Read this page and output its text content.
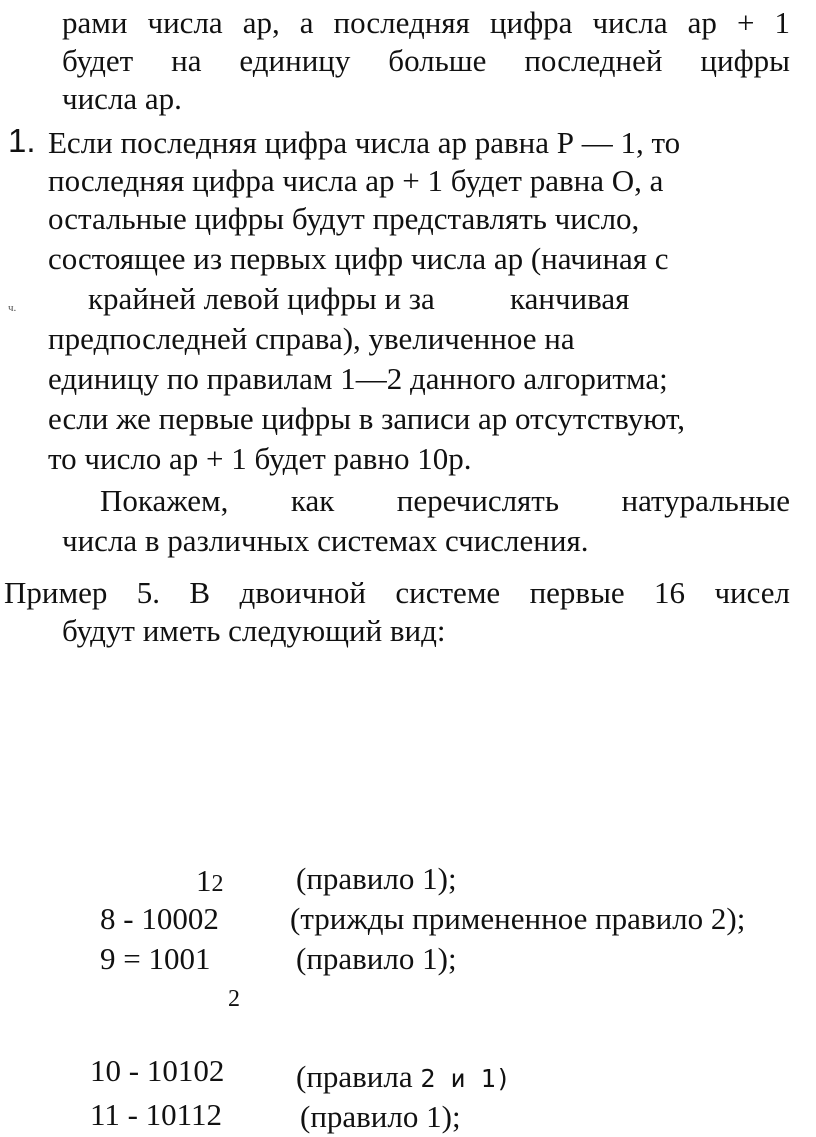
рами числа ар, а последняя цифра числа ар + 1
будет на единицу больше последней цифры
числа ар.
1. Если последняя цифра числа ар равна Р — 1, то
последняя цифра числа ар + 1 будет равна О, а
остальные цифры будут представлять число,
состоящее из первых цифр числа ар (начиная с
ч. крайней левой цифры и за канчивая
предпоследней справа), увеличенное на
единицу по правилам 1—2 данного алгоритма;
если же первые цифры в записи ар отсутствуют,
то число ар + 1 будет равно 10р.
Покажем, как перечислять натуральные
числа в различных системах счисления.
Пример 5. В двоичной системе первые 16 чисел
будут иметь следующий вид:
12 (правило 1);
8 - 10002 (трижды примененное правило 2);
9 = 1001	(правило 1);
2
10 - 10102 (правила 2 и 1)
11 - 10112	(правило 1);
